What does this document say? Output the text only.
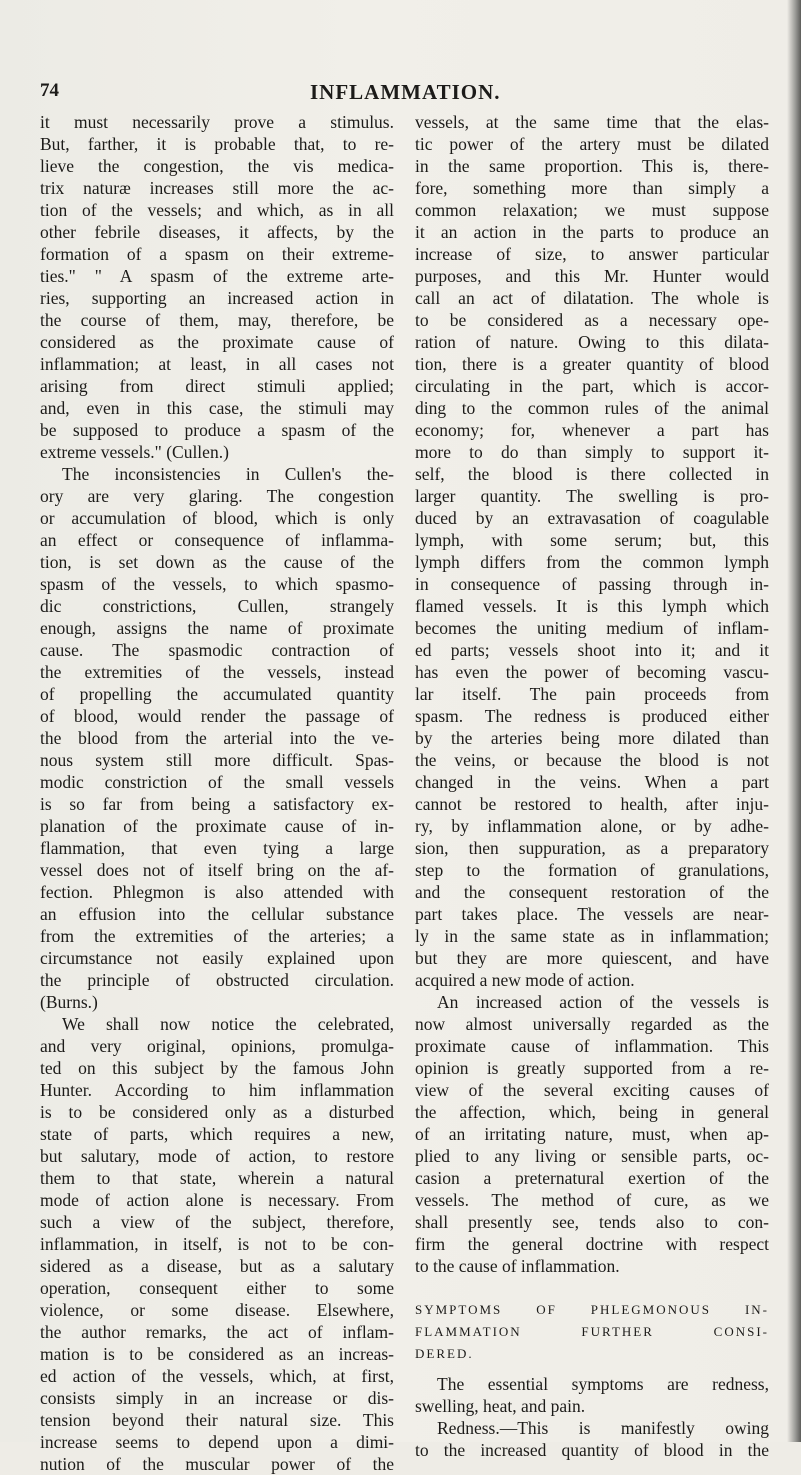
74	INFLAMMATION.
it must necessarily prove a stimulus.
But, farther, it is probable that, to re-
lieve the congestion, the vis medica-
trix naturæ increases still more the ac-
tion of the vessels; and which, as in all
other febrile diseases, it affects, by the
formation of a spasm on their extreme-
ties." " A spasm of the extreme arte-
ries, supporting an increased action in
the course of them, may, therefore, be
considered as the proximate cause of
inflammation; at least, in all cases not
arising from direct stimuli applied;
and, even in this case, the stimuli may
be supposed to produce a spasm of the
extreme vessels." (Cullen.)
The inconsistencies in Cullen's the-
ory are very glaring. The congestion
or accumulation of blood, which is only
an effect or consequence of inflamma-
tion, is set down as the cause of the
spasm of the vessels, to which spasmo-
dic constrictions, Cullen, strangely
enough, assigns the name of proximate
cause. The spasmodic contraction of
the extremities of the vessels, instead
of propelling the accumulated quantity
of blood, would render the passage of
the blood from the arterial into the ve-
nous system still more difficult. Spas-
modic constriction of the small vessels
is so far from being a satisfactory ex-
planation of the proximate cause of in-
flammation, that even tying a large
vessel does not of itself bring on the af-
fection. Phlegmon is also attended with
an effusion into the cellular substance
from the extremities of the arteries; a
circumstance not easily explained upon
the principle of obstructed circulation.
(Burns.)
We shall now notice the celebrated,
and very original, opinions, promulga-
ted on this subject by the famous John
Hunter. According to him inflammation
is to be considered only as a disturbed
state of parts, which requires a new,
but salutary, mode of action, to restore
them to that state, wherein a natural
mode of action alone is necessary. From
such a view of the subject, therefore,
inflammation, in itself, is not to be con-
sidered as a disease, but as a salutary
operation, consequent either to some
violence, or some disease. Elsewhere,
the author remarks, the act of inflam-
mation is to be considered as an increas-
ed action of the vessels, which, at first,
consists simply in an increase or dis-
tension beyond their natural size. This
increase seems to depend upon a dimi-
nution of the muscular power of the
vessels, at the same time that the elas-
tic power of the artery must be dilated
in the same proportion. This is, there-
fore, something more than simply a
common relaxation; we must suppose
it an action in the parts to produce an
increase of size, to answer particular
purposes, and this Mr. Hunter would
call an act of dilatation. The whole is
to be considered as a necessary ope-
ration of nature. Owing to this dilata-
tion, there is a greater quantity of blood
circulating in the part, which is accor-
ding to the common rules of the animal
economy; for, whenever a part has
more to do than simply to support it-
self, the blood is there collected in
larger quantity. The swelling is pro-
duced by an extravasation of coagulable
lymph, with some serum; but, this
lymph differs from the common lymph
in consequence of passing through in-
flamed vessels. It is this lymph which
becomes the uniting medium of inflam-
ed parts; vessels shoot into it; and it
has even the power of becoming vascu-
lar itself. The pain proceeds from
spasm. The redness is produced either
by the arteries being more dilated than
the veins, or because the blood is not
changed in the veins. When a part
cannot be restored to health, after inju-
ry, by inflammation alone, or by adhe-
sion, then suppuration, as a preparatory
step to the formation of granulations,
and the consequent restoration of the
part takes place. The vessels are near-
ly in the same state as in inflammation;
but they are more quiescent, and have
acquired a new mode of action.
An increased action of the vessels is
now almost universally regarded as the
proximate cause of inflammation. This
opinion is greatly supported from a re-
view of the several exciting causes of
the affection, which, being in general
of an irritating nature, must, when ap-
plied to any living or sensible parts, oc-
casion a preternatural exertion of the
vessels. The method of cure, as we
shall presently see, tends also to con-
firm the general doctrine with respect
to the cause of inflammation.
SYMPTOMS OF PHLEGMONOUS IN-
FLAMMATION FURTHER CONSI-
DERED.
The essential symptoms are redness,
swelling, heat, and pain.
Redness.—This is manifestly owing
to the increased quantity of blood in the
